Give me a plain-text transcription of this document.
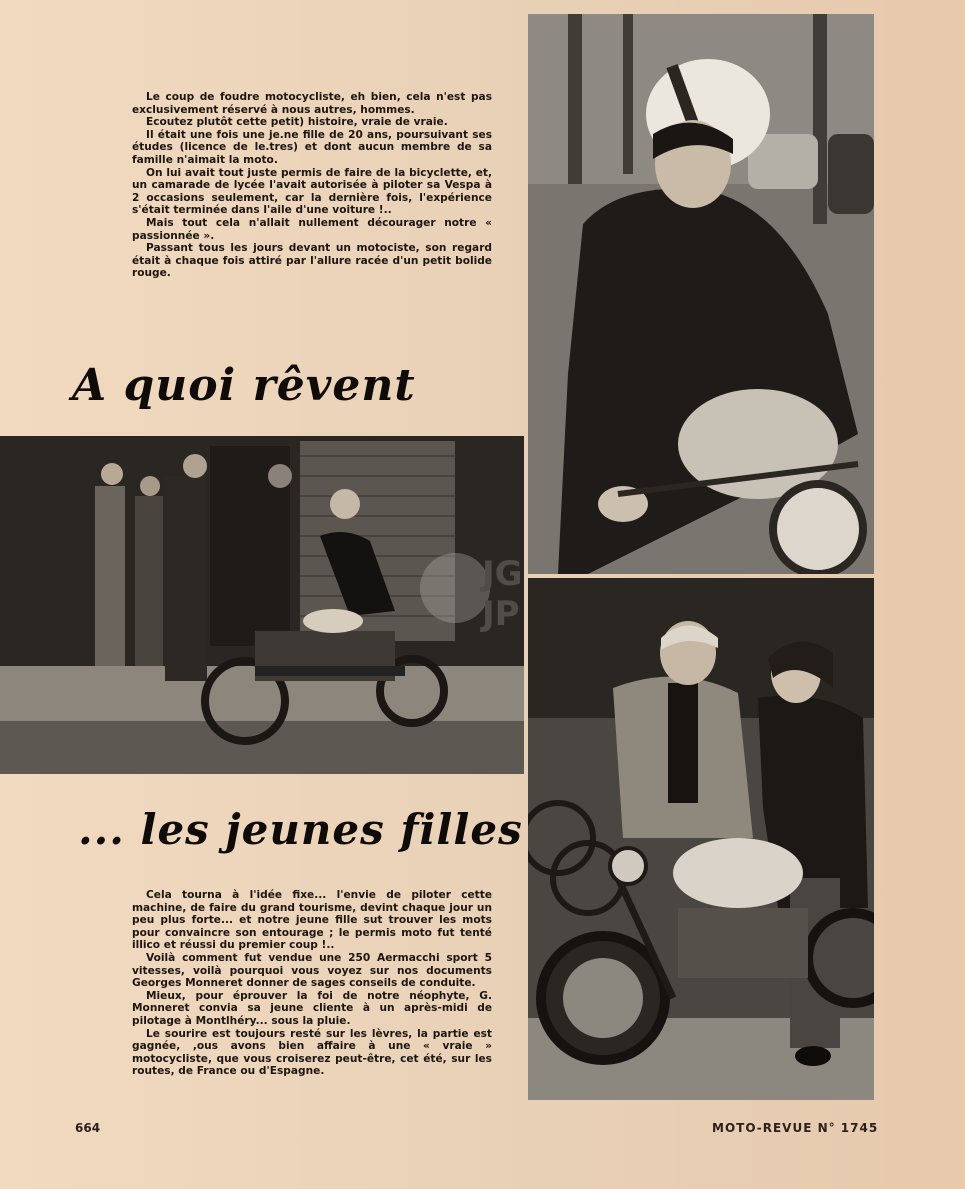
Le coup de foudre motocycliste, eh bien, cela n'est pas exclusivement réservé à nous autres, hommes.

Ecoutez plutôt cette petit) histoire, vraie de vraie.

Il était une fois une je.ne fille de 20 ans, poursuivant ses études (licence de le.tres) et dont aucun membre de sa famille n'aimait la moto.

On lui avait tout juste permis de faire de la bicyclette, et, un camarade de lycée l'avait autorisée à piloter sa Vespa à 2 occasions seulement, car la dernière fois, l'expérience s'était terminée dans l'aile d'une voiture !..

Mais tout cela n'allait nullement décourager notre « passionnée ».

Passant tous les jours devant un motociste, son regard était à chaque fois attiré par l'allure racée d'un petit bolide rouge.

A quoi rêvent
JG
JP
... les jeunes filles

Cela tourna à l'idée fixe... l'envie de piloter cette machine, de faire du grand tourisme, devint chaque jour un peu plus forte... et notre jeune fille sut trouver les mots pour convaincre son entourage ; le permis moto fut tenté illico et réussi du premier coup !..

Voilà comment fut vendue une 250 Aermacchi sport 5 vitesses, voilà pourquoi vous voyez sur nos documents Georges Monneret donner de sages conseils de conduite.

Mieux, pour éprouver la foi de notre néophyte, G. Monneret convia sa jeune cliente à un après-midi de pilotage à Montlhéry... sous la pluie.

Le sourire est toujours resté sur les lèvres, la partie est gagnée, ,ous avons bien affaire à une « vraie » motocycliste, que vous croiserez peut-être, cet été, sur les routes, de France ou d'Espagne.

664	MOTO-REVUE N° 1745
